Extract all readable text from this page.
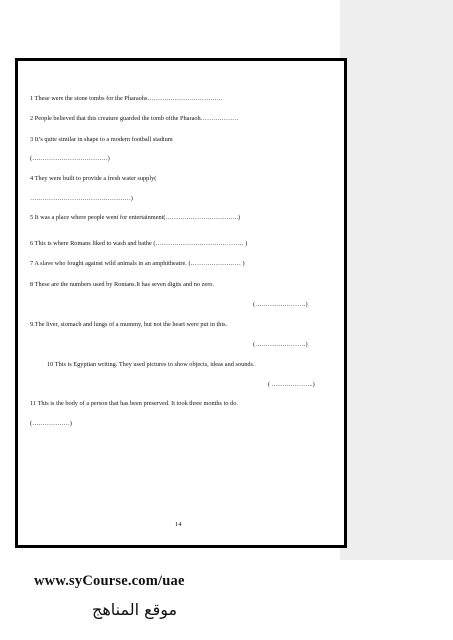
1 These were the stone tombs for the Pharaohs………………………………
2 People believed that this creature guarded the tomb ofthe Pharaoh………………
3 It’s quite similar in shape to a modern football stadium
(………………………………)
4 They were built to provide a fresh water supply(
…………………………………………)
5 It was a place where people went for entertainment(……………………………..)
6 This is where Romans liked to wash and bathe (…………………………………… )
7 A slave who fought against wild animals in an amphitheatre. (…………………… )
8 These are the numbers used by Romans.It has seven digits and no zero.
(……………………)
9.The liver, stomach and lungs of a mummy, but not the heart were put in this.
(……………………)
10 This is Egyptian writing. They used pictures to show objects, ideas and sounds.
( ………………..)
11 This is the body of a person that has been preserved. It took three months to do.
(………………)
14
www.syCourse.com/uae
موقع المناهج
